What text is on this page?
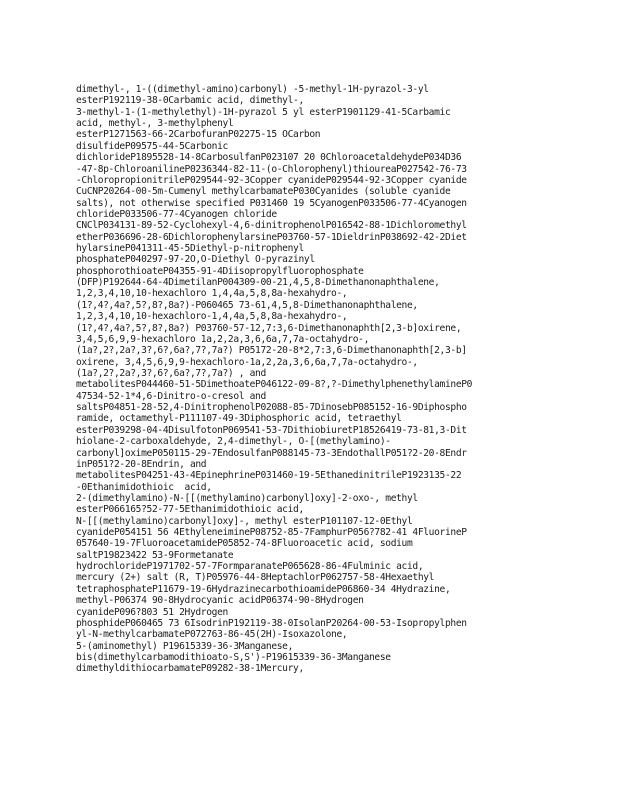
dimethyl-, 1-((dimethyl-amino)carbonyl) -5-methyl-1H-pyrazol-3-yl
esterP192119-38-0Carbamic acid, dimethyl-,
3-methyl-1-(1-methylethyl)-1H-pyrazol 5 yl esterP1901129-41-5Carbamic
acid, methyl-, 3-methylphenyl
esterP1271563-66-2CarbofuranP02275-15 OCarbon
disulfideP09575-44-5Carbonic
dichlorideP1895528-14-8CarbosulfanP023107 20 0ChloroacetaldehydeP034D36
-47-8p-ChloroanilineP0236344-82-11-(o-Chlorophenyl)thioureaP027542-76-73
-ChloropropionitrileP029544-92-3Copper cyanideP029544-92-3Copper cyanide
CuCNP20264-00-5m-Cumenyl methylcarbamateP030Cyanides (soluble cyanide
salts), not otherwise specified P031460 19 5CyanogenP033506-77-4Cyanogen
chlorideP033506-77-4Cyanogen chloride
CNClP034131-89-52-Cyclohexyl-4,6-dinitrophenolP016542-88-1Dichloromethyl
etherP036696-28-6DichlorophenylarsineP03760-57-1DieldrinP038692-42-2Diet
hylarsineP041311-45-5Diethyl-p-nitrophenyl
phosphateP040297-97-2O,O-Diethyl O-pyrazinyl
phosphorothioateP04355-91-4Diisopropylfluorophosphate
(DFP)P192644-64-4DimetilanP004309-00-21,4,5,8-Dimethanonaphthalene,
1,2,3,4,10,10-hexachloro 1,4,4a,5,8,8a-hexahydro-,
(1?,4?,4a?,5?,8?,8a?)-P060465 73-61,4,5,8-Dimethanonaphthalene,
1,2,3,4,10,10-hexachloro-1,4,4a,5,8,8a-hexahydro-,
(1?,4?,4a?,5?,8?,8a?) P03760-57-12,7:3,6-Dimethanonaphth[2,3-b]oxirene,
3,4,5,6,9,9-hexachloro 1a,2,2a,3,6,6a,7,7a-octahydro-,
(1a?,2?,2a?,3?,6?,6a?,7?,7a?) P05172-20-8*2,7:3,6-Dimethanonaphth[2,3-b]
oxirene, 3,4,5,6,9,9-hexachloro-1a,2,2a,3,6,6a,7,7a-octahydro-,
(1a?,2?,2a?,3?,6?,6a?,7?,7a?) , and
metabolitesP044460-51-5DimethoateP046122-09-8?,?-DimethylphenethylamineP0
47534-52-1*4,6-Dinitro-o-cresol and
saltsP04851-28-52,4-DinitrophenolP02088-85-7DinosebP085152-16-9Diphospho
ramide, octamethyl-P111107-49-3Diphosphoric acid, tetraethyl
esterP039298-04-4DisulfotonP069541-53-7DithiobiuretP18526419-73-81,3-Dit
hiolane-2-carboxaldehyde, 2,4-dimethyl-, O-[(methylamino)-
carbonyl]oximeP050115-29-7EndosulfanP088145-73-3EndothallP051?2-20-8Endr
inP051?2-20-8Endrin, and
metabolitesP04251-43-4EpinephrineP031460-19-5EthanedinitrileP1923135-22
-0Ethanimidothioic  acid,
2-(dimethylamino)-N-[[(methylamino)carbonyl]oxy]-2-oxo-, methyl
esterP066165?52-77-5Ethanimidothioic acid,
N-[[(methylamino)carbonyl]oxy]-, methyl esterP101107-12-0Ethyl
cyanideP054151 56 4EthyleneimineP08752-85-7FamphurP056?782-41 4FluorineP
057640-19-7FluoroacetamideP05852-74-8Fluoroacetic acid, sodium
saltP19823422 53-9Formetanate
hydrochlorideP1971702-57-7FormparanateP065628-86-4Fulminic acid,
mercury (2+) salt (R, T)P05976-44-8HeptachlorP062757-58-4Hexaethyl
tetraphosphateP11679-19-6HydrazinecarbothioamideP06860-34 4Hydrazine,
methyl-P06374 90-8Hydrocyanic acidP06374-90-8Hydrogen
cyanideP096?803 51 2Hydrogen
phosphideP060465 73 6IsodrinP192119-38-0IsolanP20264-00-53-Isopropylphen
yl-N-methylcarbamateP072763-86-45(2H)-Isoxazolone,
5-(aminomethyl) P19615339-36-3Manganese,
bis(dimethylcarbamodithioato-S,S')-P19615339-36-3Manganese
dimethyldithiocarbamateP09282-38-1Mercury,
